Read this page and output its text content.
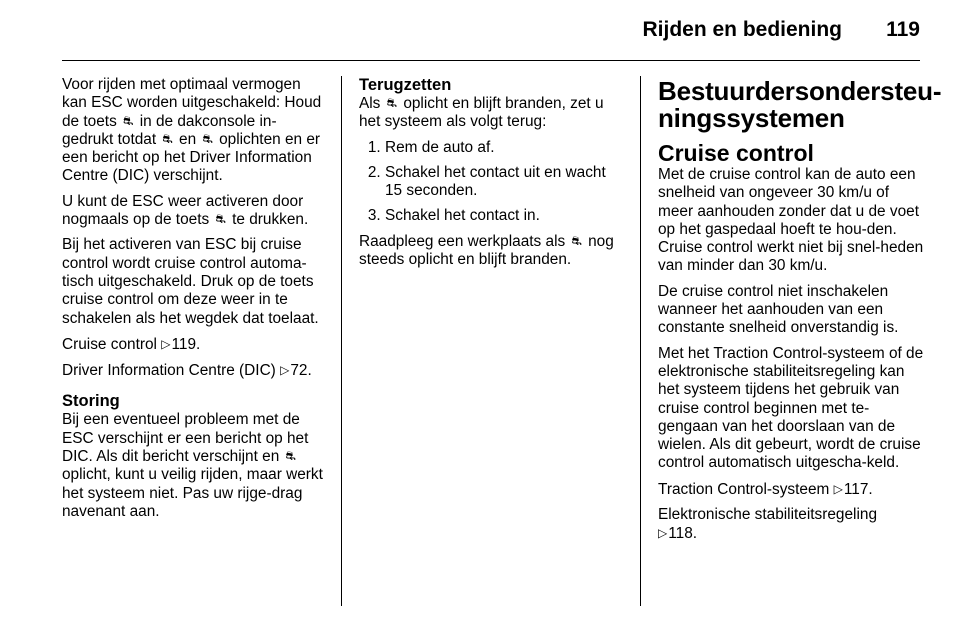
Rijden en bediening 119

Voor rijden met optimaal vermogen kan ESC worden uitgeschakeld: Houd de toets ⛐ in de dakconsole in-gedrukt totdat ⛐ en ⛐ oplichten en er een bericht op het Driver Information Centre (DIC) verschijnt.

U kunt de ESC weer activeren door nogmaals op de toets ⛐ te drukken.

Bij het activeren van ESC bij cruise control wordt cruise control automa-tisch uitgeschakeld. Druk op de toets cruise control om deze weer in te schakelen als het wegdek dat toelaat.

Cruise control ▷119.

Driver Information Centre (DIC) ▷72.

Storing

Bij een eventueel probleem met de ESC verschijnt er een bericht op het DIC. Als dit bericht verschijnt en ⛐ oplicht, kunt u veilig rijden, maar werkt het systeem niet. Pas uw rijge-drag navenant aan.

Terugzetten

Als ⛐ oplicht en blijft branden, zet u het systeem als volgt terug:

1. Rem de auto af.
2. Schakel het contact uit en wacht 15 seconden.
3. Schakel het contact in.

Raadpleeg een werkplaats als ⛐ nog steeds oplicht en blijft branden.

Bestuurdersondersteu-ningssystemen
Cruise control

Met de cruise control kan de auto een snelheid van ongeveer 30 km/u of meer aanhouden zonder dat u de voet op het gaspedaal hoeft te hou-den. Cruise control werkt niet bij snel-heden van minder dan 30 km/u.

De cruise control niet inschakelen wanneer het aanhouden van een constante snelheid onverstandig is.

Met het Traction Control-systeem of de elektronische stabiliteitsregeling kan het systeem tijdens het gebruik van cruise control beginnen met te-gengaan van het doorslaan van de wielen. Als dit gebeurt, wordt de cruise control automatisch uitgescha-keld.

Traction Control-systeem ▷117.

Elektronische stabiliteitsregeling
▷118.
